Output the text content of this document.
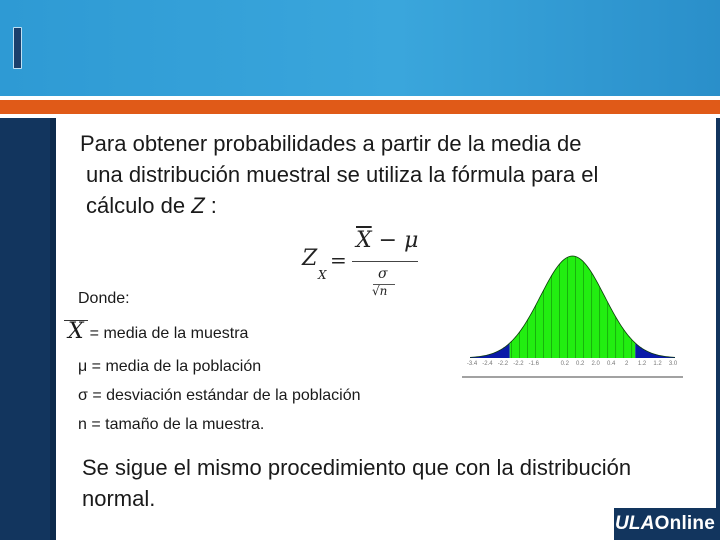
Para obtener probabilidades a partir de la media de
una distribución muestral se utiliza la fórmula para el
cálculo de Z :
Z
X
=
$\overline{X} - \mu$
σ
√n
Donde:
X = media de la muestra
μ = media de la población
σ = desviación estándar de la población
n = tamaño de la muestra.
-3.4 -2.4 -2.2 -2.2 -1.6	0.2 0.2 2.0 0.4 2 1.2 1.2 3.0
Se sigue el mismo procedimiento que con la distribución
normal.
ULA Online
